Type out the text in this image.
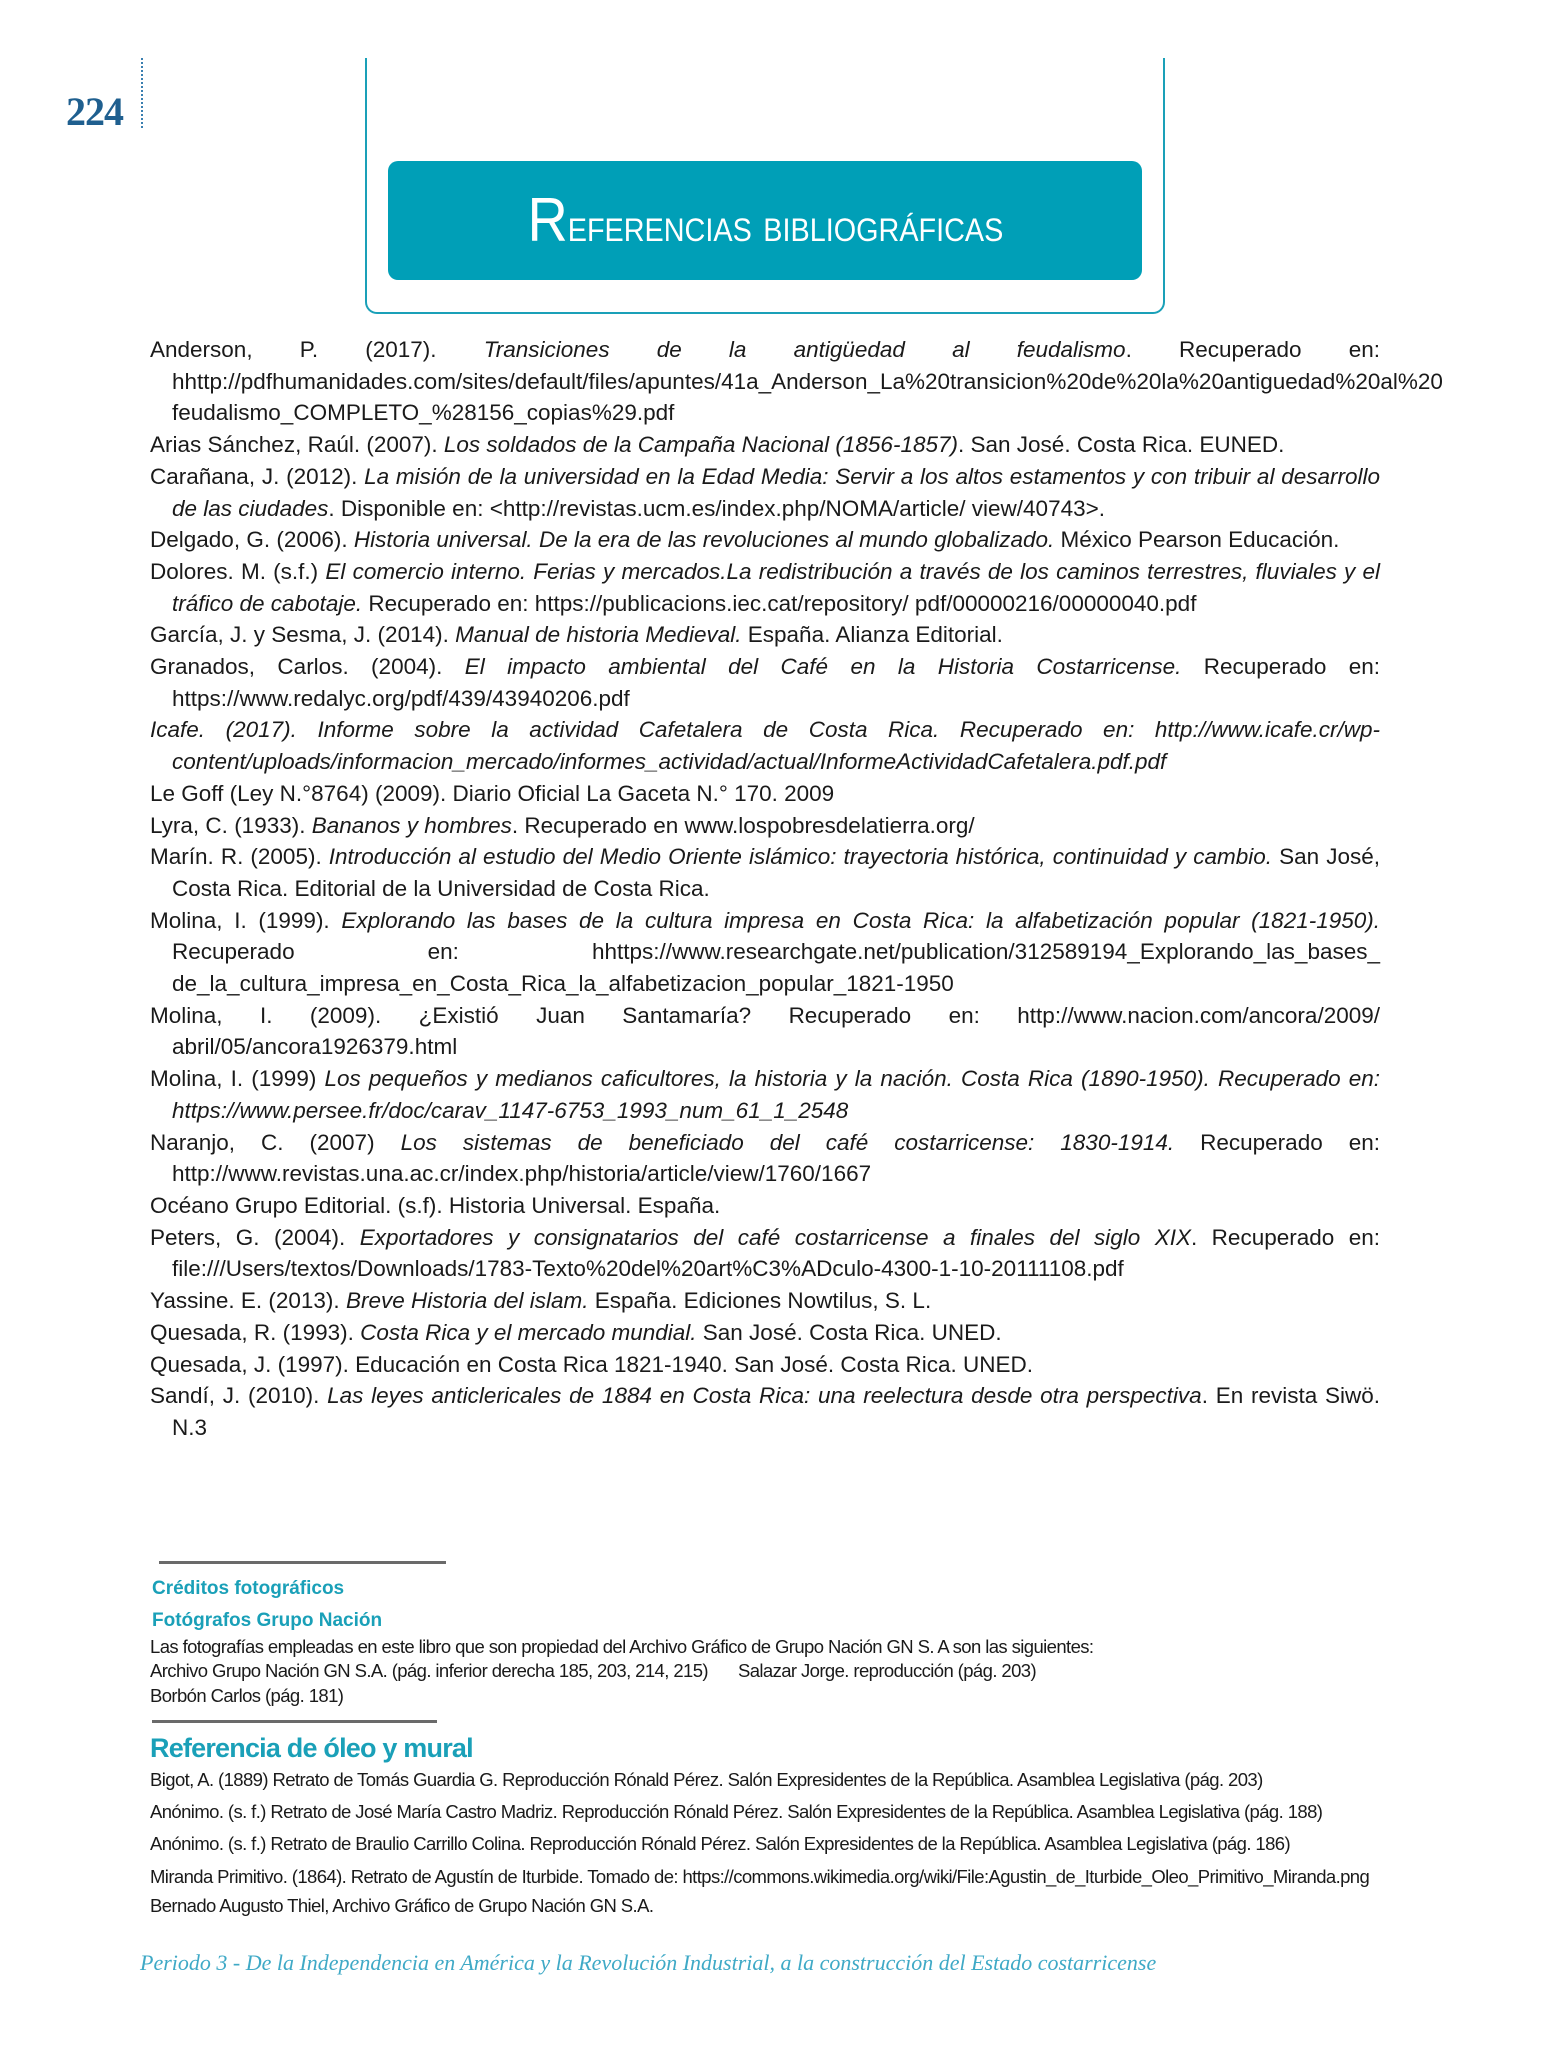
224
Referencias bibliográficas
Anderson, P. (2017). Transiciones de la antigüedad al feudalismo. Recuperado en: hhttp://pdfhumanidades.com/sites/default/files/apuntes/41a_Anderson_La%20transicion%20de%20la%20antiguedad%20al%20 feudalismo_COMPLETO_%28156_copias%29.pdf
Arias Sánchez, Raúl. (2007). Los soldados de la Campaña Nacional (1856-1857). San José. Costa Rica. EUNED.
Carañana, J. (2012). La misión de la universidad en la Edad Media: Servir a los altos estamentos y con tribuir al desarrollo de las ciudades. Disponible en: <http://revistas.ucm.es/index.php/NOMA/article/ view/40743>.
Delgado, G. (2006). Historia universal. De la era de las revoluciones al mundo globalizado. México Pearson Educación.
Dolores. M. (s.f.) El comercio interno. Ferias y mercados.La redistribución a través de los caminos terrestres, fluviales y el tráfico de cabotaje. Recuperado en: https://publicacions.iec.cat/repository/ pdf/00000216/00000040.pdf
García, J. y Sesma, J. (2014). Manual de historia Medieval. España. Alianza Editorial.
Granados, Carlos. (2004). El impacto ambiental del Café en la Historia Costarricense. Recuperado en: https://www.redalyc.org/pdf/439/43940206.pdf
Icafe. (2017). Informe sobre la actividad Cafetalera de Costa Rica. Recuperado en: http://www.icafe.cr/wp-content/uploads/informacion_mercado/informes_actividad/actual/InformeActividadCafetalera.pdf.pdf
Le Goff (Ley N.°8764) (2009). Diario Oficial La Gaceta N.° 170. 2009
Lyra, C. (1933). Bananos y hombres. Recuperado en www.lospobresdelatierra.org/
Marín. R. (2005). Introducción al estudio del Medio Oriente islámico: trayectoria histórica, continuidad y cambio. San José, Costa Rica. Editorial de la Universidad de Costa Rica.
Molina, I. (1999). Explorando las bases de la cultura impresa en Costa Rica: la alfabetización popular (1821-1950). Recuperado en: hhttps://www.researchgate.net/publication/312589194_Explorando_las_bases_ de_la_cultura_impresa_en_Costa_Rica_la_alfabetizacion_popular_1821-1950
Molina, I. (2009). ¿Existió Juan Santamaría? Recuperado en: http://www.nacion.com/ancora/2009/ abril/05/ancora1926379.html
Molina, I. (1999) Los pequeños y medianos caficultores, la historia y la nación. Costa Rica (1890-1950). Recuperado en: https://www.persee.fr/doc/carav_1147-6753_1993_num_61_1_2548
Naranjo, C. (2007) Los sistemas de beneficiado del café costarricense: 1830-1914. Recuperado en: http://www.revistas.una.ac.cr/index.php/historia/article/view/1760/1667
Océano Grupo Editorial. (s.f). Historia Universal. España.
Peters, G. (2004). Exportadores y consignatarios del café costarricense a finales del siglo XIX. Recuperado en: file:///Users/textos/Downloads/1783-Texto%20del%20art%C3%ADculo-4300-1-10-20111108.pdf
Yassine. E. (2013). Breve Historia del islam. España. Ediciones Nowtilus, S. L.
Quesada, R. (1993). Costa Rica y el mercado mundial. San José. Costa Rica. UNED.
Quesada, J. (1997). Educación en Costa Rica 1821-1940. San José. Costa Rica. UNED.
Sandí, J. (2010). Las leyes anticlericales de 1884 en Costa Rica: una reelectura desde otra perspectiva. En revista Siwö. N.3
Créditos fotográficos
Fotógrafos Grupo Nación
Las fotografías empleadas en este libro que son propiedad del Archivo Gráfico de Grupo Nación GN S. A son las siguientes:
Archivo Grupo Nación GN S.A. (pág. inferior derecha 185, 203, 214, 215) Salazar Jorge. reproducción (pág. 203)
Borbón Carlos (pág. 181)
Referencia de óleo y mural
Bigot, A. (1889) Retrato de Tomás Guardia G. Reproducción Rónald Pérez. Salón Expresidentes de la República. Asamblea Legislativa (pág. 203)
Anónimo. (s. f.) Retrato de José María Castro Madriz. Reproducción Rónald Pérez. Salón Expresidentes de la República. Asamblea Legislativa (pág. 188)
Anónimo. (s. f.) Retrato de Braulio Carrillo Colina. Reproducción Rónald Pérez. Salón Expresidentes de la República. Asamblea Legislativa (pág. 186)
Miranda Primitivo. (1864). Retrato de Agustín de Iturbide. Tomado de: https://commons.wikimedia.org/wiki/File:Agustin_de_Iturbide_Oleo_Primitivo_Miranda.png
Bernado Augusto Thiel, Archivo Gráfico de Grupo Nación GN S.A.
Periodo 3 - De la Independencia en América y la Revolución Industrial, a la construcción del Estado costarricense
